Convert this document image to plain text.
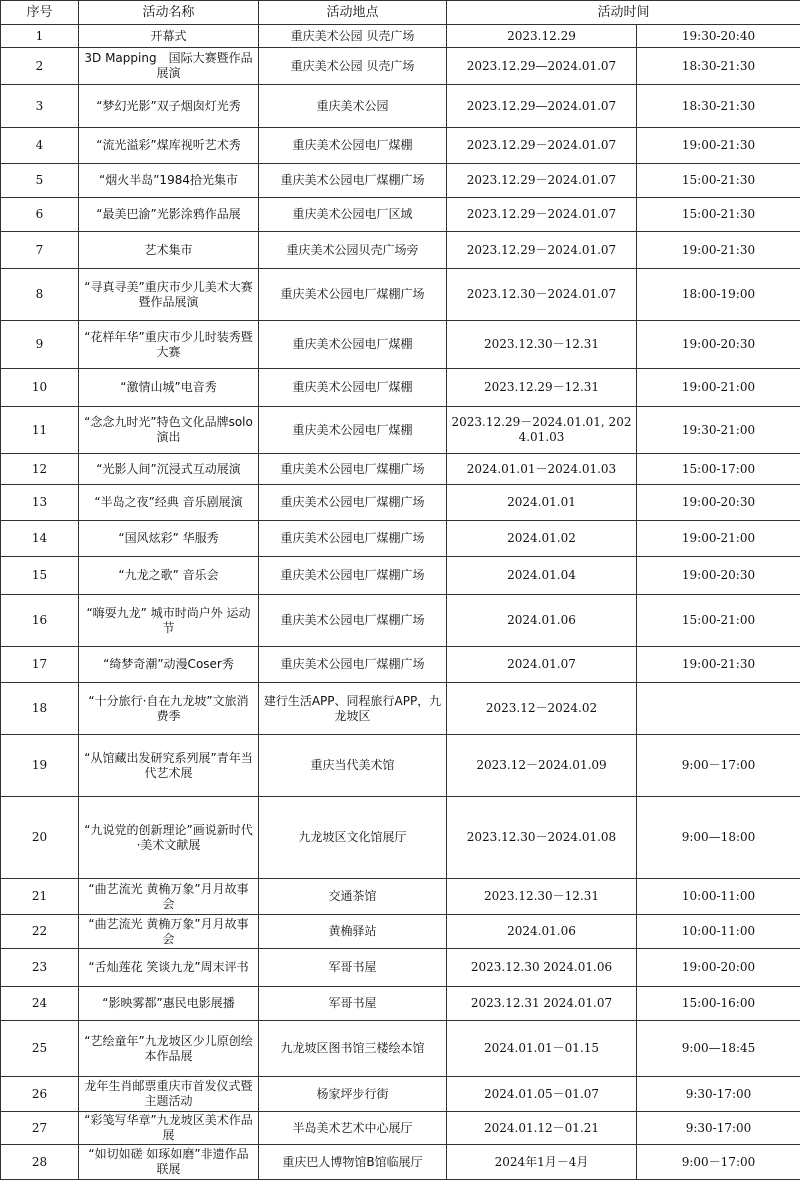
序号	活动名称	活动地点	活动时间	
1	开幕式	重庆美术公园 贝壳广场	2023.12.29	19:30-20:40
2	3D Mapping　国际大赛暨作品展演	重庆美术公园 贝壳广场	2023.12.29—2024.01.07	18:30-21:30
3	“梦幻光影”双子烟囱灯光秀	重庆美术公园	2023.12.29—2024.01.07	18:30-21:30
4	“流光溢彩”煤库视听艺术秀	重庆美术公园电厂煤棚	2023.12.29－2024.01.07	19:00-21:30
5	“烟火半岛”1984拾光集市	重庆美术公园电厂煤棚广场	2023.12.29－2024.01.07	15:00-21:30
6	“最美巴渝”光影涂鸦作品展	重庆美术公园电厂区域	2023.12.29－2024.01.07	15:00-21:30
7	艺术集市	重庆美术公园贝壳广场旁	2023.12.29－2024.01.07	19:00-21:30
8	“寻真寻美”重庆市少儿美术大赛暨作品展演	重庆美术公园电厂煤棚广场	2023.12.30－2024.01.07	18:00-19:00
9	“花样年华”重庆市少儿时装秀暨大赛	重庆美术公园电厂煤棚	2023.12.30－12.31	19:00-20:30
10	“激情山城”电音秀	重庆美术公园电厂煤棚	2023.12.29－12.31	19:00-21:00
11	“念念九时光”特色文化品牌solo演出	重庆美术公园电厂煤棚	2023.12.29－2024.01.01, 2024.01.03	19:30-21:00
12	“光影人间”沉浸式互动展演	重庆美术公园电厂煤棚广场	2024.01.01－2024.01.03	15:00-17:00
13	“半岛之夜”经典 音乐剧展演	重庆美术公园电厂煤棚广场	2024.01.01	19:00-20:30
14	“国风炫彩” 华服秀	重庆美术公园电厂煤棚广场	2024.01.02	19:00-21:00
15	“九龙之歌” 音乐会	重庆美术公园电厂煤棚广场	2024.01.04	19:00-20:30
16	“嗨耍九龙” 城市时尚户外 运动节	重庆美术公园电厂煤棚广场	2024.01.06	15:00-21:00
17	“绮梦奇潮”动漫Coser秀	重庆美术公园电厂煤棚广场	2024.01.07	19:00-21:30
18	“十分旅行·自在九龙坡”文旅消费季	建行生活APP、同程旅行APP，九龙坡区	2023.12－2024.02	
19	“从馆藏出发研究系列展”青年当代艺术展	重庆当代美术馆	2023.12－2024.01.09	9:00－17:00
20	“九说党的创新理论”画说新时代·美术文献展	九龙坡区文化馆展厅	2023.12.30－2024.01.08	9:00—18:00
21	“曲艺流光 黄桷万象”月月故事会	交通茶馆	2023.12.30－12.31	10:00-11:00
22	“曲艺流光 黄桷万象”月月故事会	黄桷驿站	2024.01.06	10:00-11:00
23	“舌灿莲花 笑谈九龙”周末评书	军哥书屋	2023.12.30 2024.01.06	19:00-20:00
24	“影映雾都”惠民电影展播	军哥书屋	2023.12.31 2024.01.07	15:00-16:00
25	“艺绘童年”九龙坡区少儿原创绘本作品展	九龙坡区图书馆三楼绘本馆	2024.01.01－01.15	9:00—18:45
26	龙年生肖邮票重庆市首发仪式暨主题活动	杨家坪步行街	2024.01.05－01.07	9:30-17:00
27	“彩笺写华章”九龙坡区美术作品展	半岛美术艺术中心展厅	2024.01.12－01.21	9:30-17:00
28	“如切如磋 如琢如磨”非遗作品联展	重庆巴人博物馆B馆临展厅	2024年1月－4月	9:00－17:00
